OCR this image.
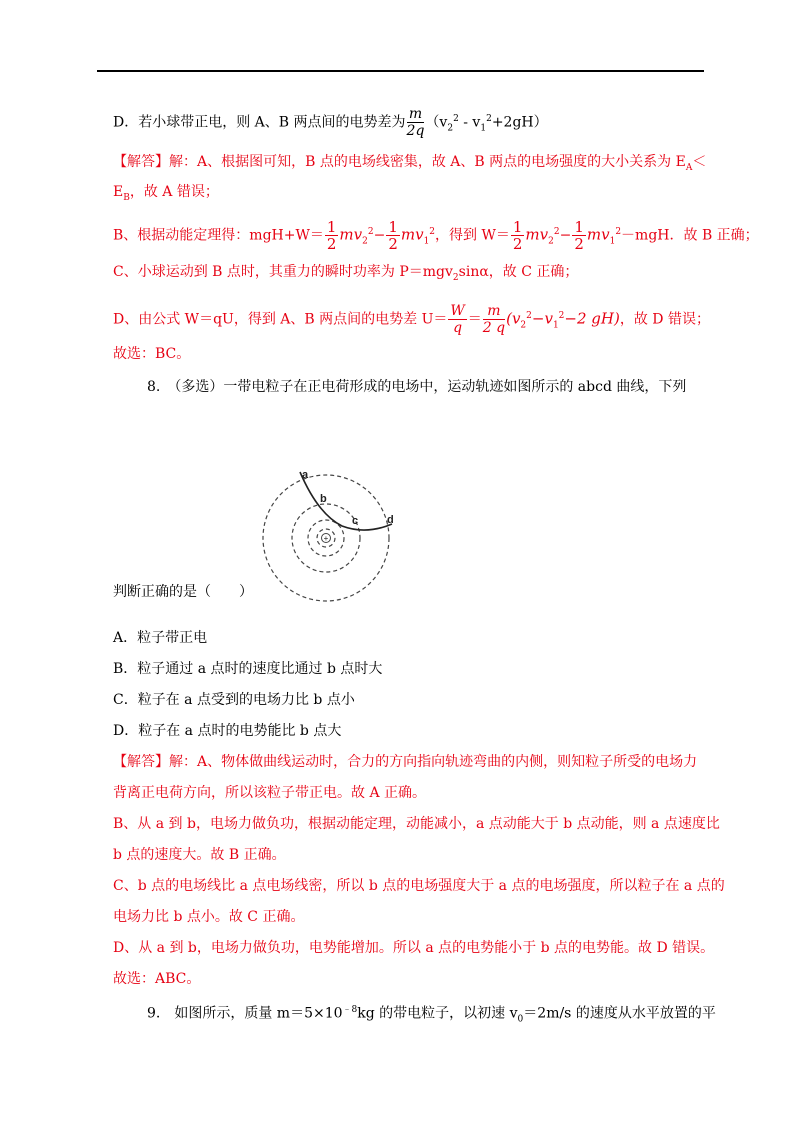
D．若小球带正电，则 A、B 两点间的电势差为 $\frac{m}{2q} (v_2^2 - v_1^2+2gH)$
【解答】解：A、根据图可知，B 点的电场线密集，故 A、B 两点的电场强度的大小关系为 $E_A<$
$E_B$，故 A 错误；
B、根据动能定理得：$mgH+W= \frac{1}{2} mv_2^2- \frac{1}{2} mv_1^2$，得到 $W= \frac{1}{2} mv_2^2- \frac{1}{2} mv_1^2-mgH$．故 B 正确；
C、小球运动到 B 点时，其重力的瞬时功率为 P＝mgv$_2$sinα，故 C 正确；
D、由公式 W＝qU，得到 A、B 两点间的电势差 $U= \frac{W}{q} = \frac{m}{2 q} (v_2^2-v_1^2-2$ gH)，故 D 错误；
故选：BC。
8.　（多选）一带电粒子在正电荷形成的电场中，运动轨迹如图所示的 abcd 曲线，下列
+
a
b
c	d
判断正确的是（　　）
A．粒子带正电
B．粒子通过 a 点时的速度比通过 b 点时大
C．粒子在 a 点受到的电场力比 b 点小
D．粒子在 a 点时的电势能比 b 点大
【解答】解：A、物体做曲线运动时，合力的方向指向轨迹弯曲的内侧，则知粒子所受的电场力
背离正电荷方向，所以该粒子带正电。故 A 正确。
B、从 a 到 b，电场力做负功，根据动能定理，动能减小，a 点动能大于 b 点动能，则 a 点速度比
b 点的速度大。故 B 正确。
C、b 点的电场线比 a 点电场线密，所以 b 点的电场强度大于 a 点的电场强度，所以粒子在 a 点的
电场力比 b 点小。故 C 正确。
D、从 a 到 b，电场力做负功，电势能增加。所以 a 点的电势能小于 b 点的电势能。故 D 错误。
故选：ABC。
9.　如图所示，质量 $m=5\times 10^{﹣8}kg$ 的带电粒子，以初速 $v_0=2m/s$ 的速度从水平放置的平
